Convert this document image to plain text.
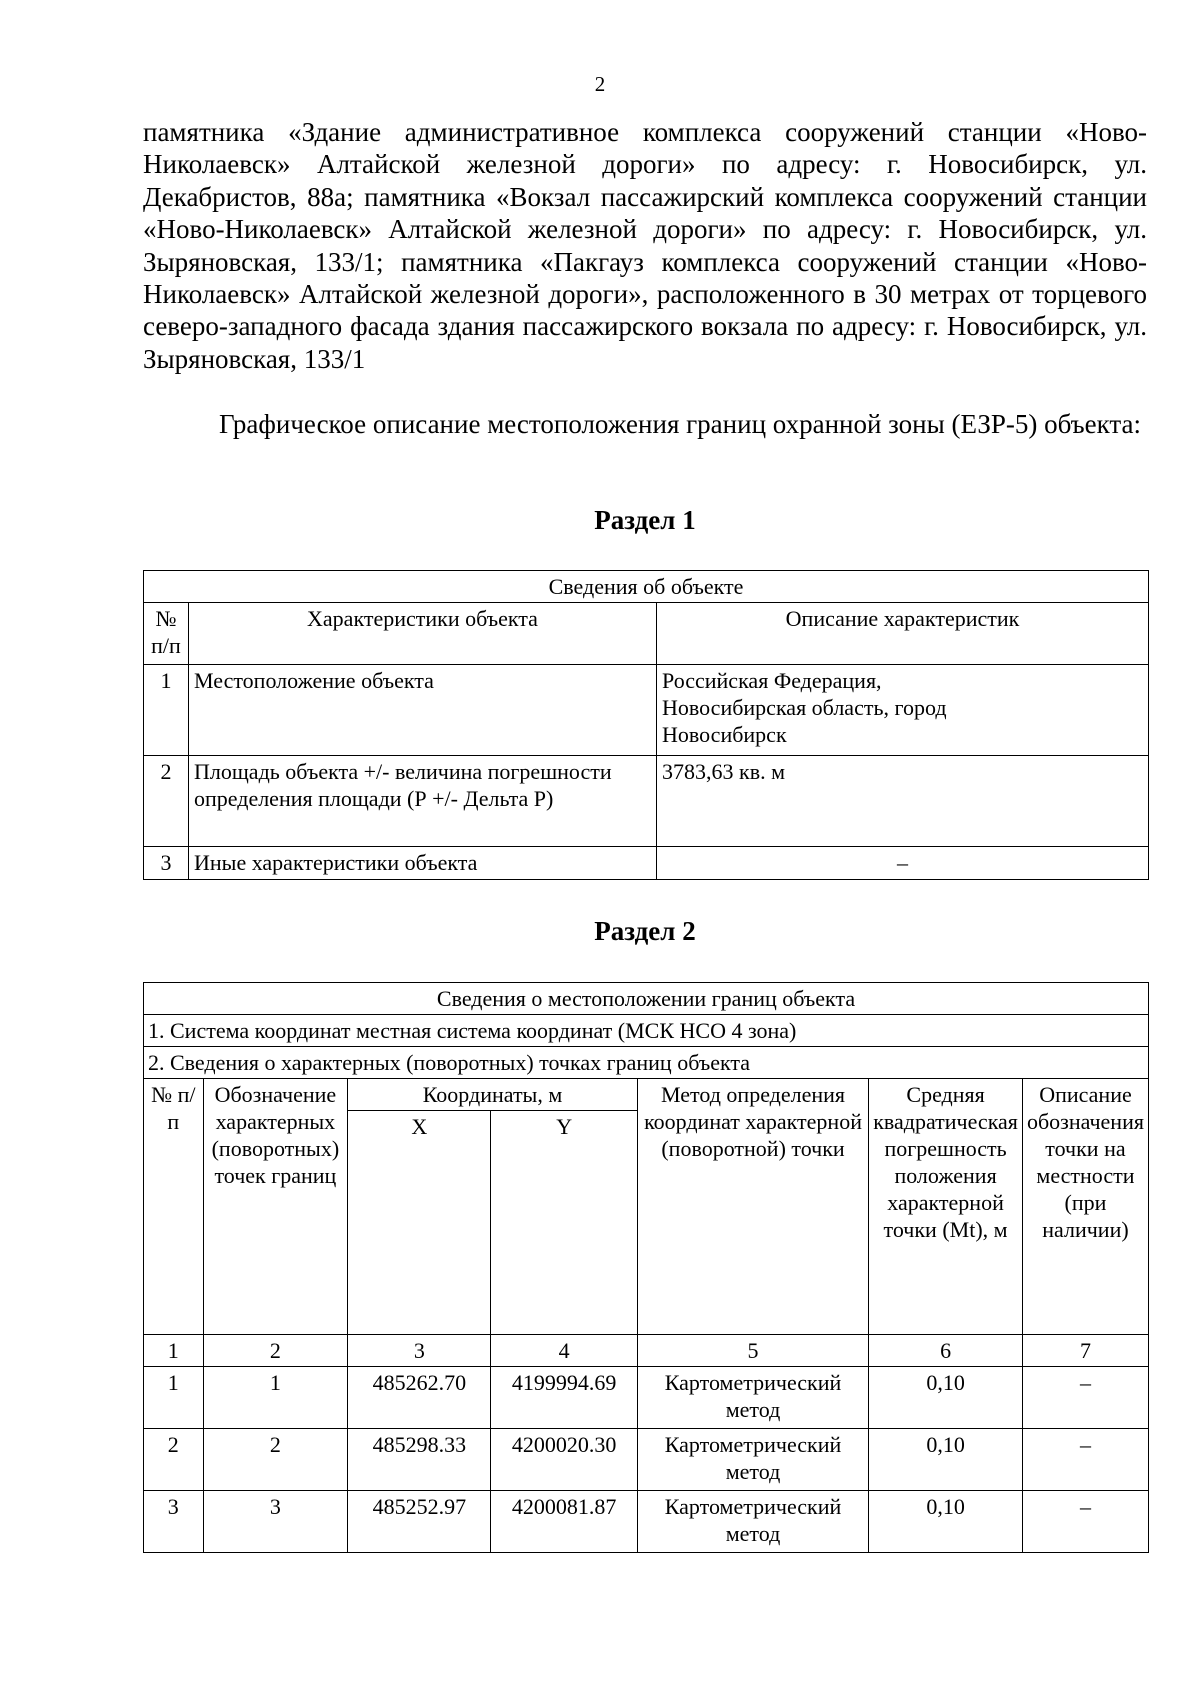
2

памятника «Здание административное комплекса сооружений станции «Ново-Николаевск» Алтайской железной дороги» по адресу: г. Новосибирск, ул. Декабристов, 88а; памятника «Вокзал пассажирский комплекса сооружений станции «Ново-Николаевск» Алтайской железной дороги» по адресу: г. Новосибирск, ул. Зыряновская, 133/1; памятника «Пакгауз комплекса сооружений станции «Ново-Николаевск» Алтайской железной дороги», расположенного в 30 метрах от торцевого северо-западного фасада здания пассажирского вокзала по адресу: г. Новосибирск, ул. Зыряновская, 133/1

Графическое описание местоположения границ охранной зоны (ЕЗР-5) объекта:

Раздел 1
Сведения об объекте		
№ п/п	Характеристики объекта	Описание характеристик
1	Местоположение объекта	Российская Федерация, Новосибирская область, город Новосибирск
2	Площадь объекта +/- величина погрешности определения площади (Р +/- Дельта Р)	3783,63 кв. м
3	Иные характеристики объекта	–
Раздел 2
Сведения о местоположении границ объекта						
1. Система координат местная система координат (МСК НСО 4 зона)						
2. Сведения о характерных (поворотных) точках границ объекта						
№ п/п	Обозначение характерных (поворотных) точек границ	Координаты, м		Метод определения координат характерной (поворотной) точки	Средняя квадратическая погрешность положения характерной точки (Mt), м	Описание обозначения точки на местности (при наличии)
		X	Y			
1	2	3	4	5	6	7
1	1	485262.70	4199994.69	Картометрический метод	0,10	–
2	2	485298.33	4200020.30	Картометрический метод	0,10	–
3	3	485252.97	4200081.87	Картометрический метод	0,10	–
